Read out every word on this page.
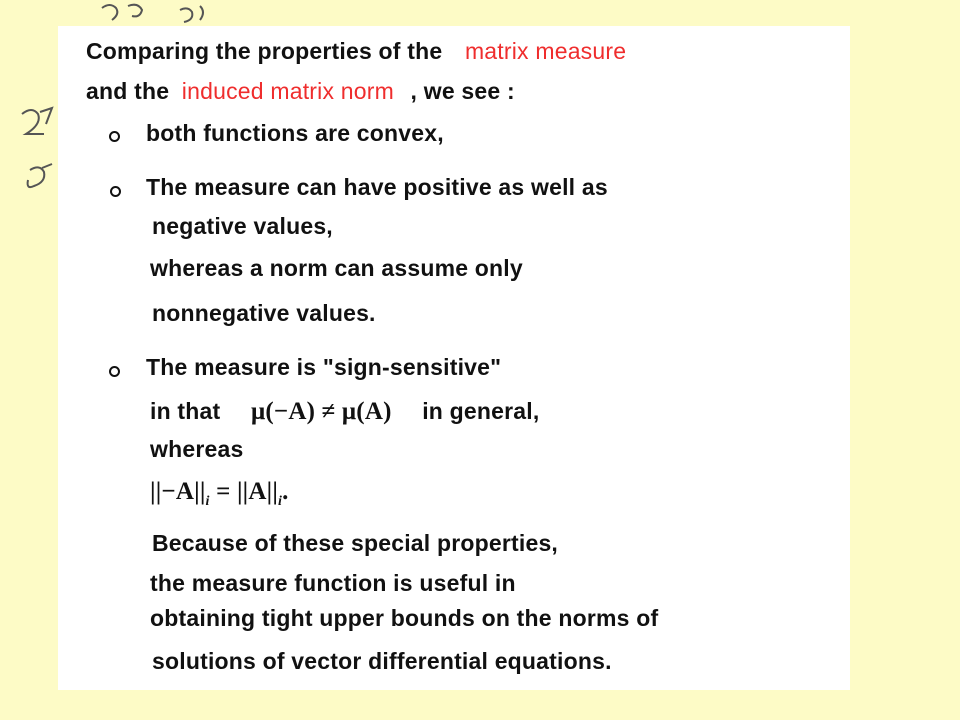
Comparing the properties of the matrix measure
and the induced matrix norm , we see :
both functions are convex,
The measure can have positive as well as
negative values,
whereas a norm can assume only
nonnegative values.
The measure is "sign-sensitive"
in that μ(−A) ≠ μ(A) in general,
whereas
$||-A||_i = ||A||_i$.
Because of these special properties,
the measure function is useful in
obtaining tight upper bounds on the norms of
solutions of vector differential equations.
